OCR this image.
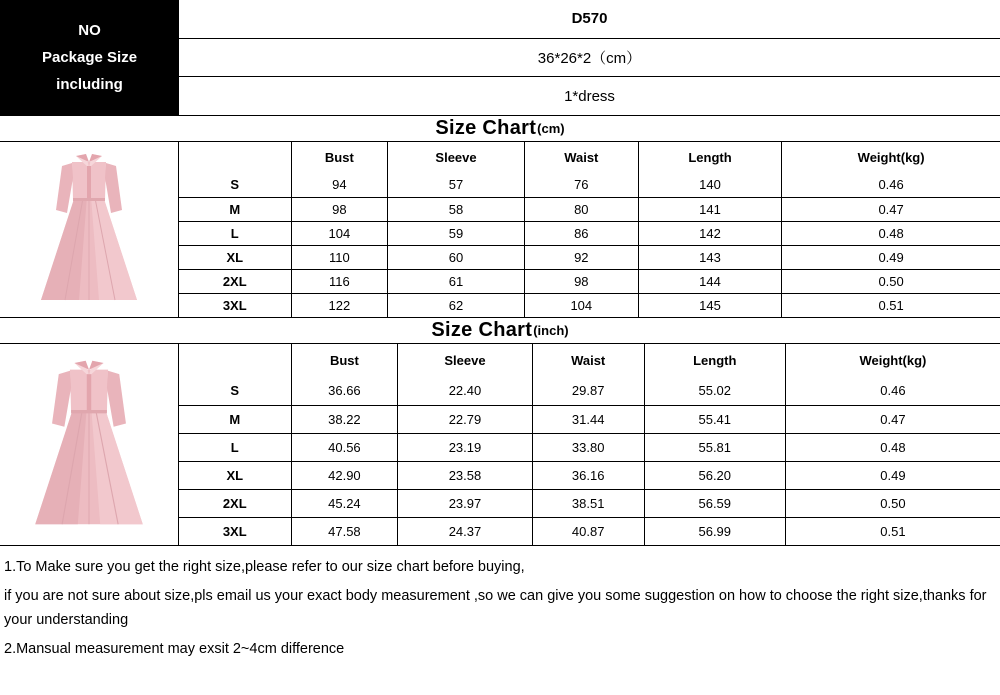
NO
Package Size
including
D570
36*26*2（cm）
1*dress
Size Chart (cm)
	Bust	Sleeve	Waist	Length	Weight(kg)
S	94	57	76	140	0.46
M	98	58	80	141	0.47
L	104	59	86	142	0.48
XL	110	60	92	143	0.49
2XL	116	61	98	144	0.50
3XL	122	62	104	145	0.51
Size Chart (inch)
	Bust	Sleeve	Waist	Length	Weight(kg)
S	36.66	22.40	29.87	55.02	0.46
M	38.22	22.79	31.44	55.41	0.47
L	40.56	23.19	33.80	55.81	0.48
XL	42.90	23.58	36.16	56.20	0.49
2XL	45.24	23.97	38.51	56.59	0.50
3XL	47.58	24.37	40.87	56.99	0.51

1.To Make sure you get the right size,please refer to our size chart before buying,

if you are not sure about size,pls email us your exact body measurement ,so we can give you some suggestion on how to choose the right size,thanks for your understanding

2.Mansual measurement may exsit 2~4cm difference
